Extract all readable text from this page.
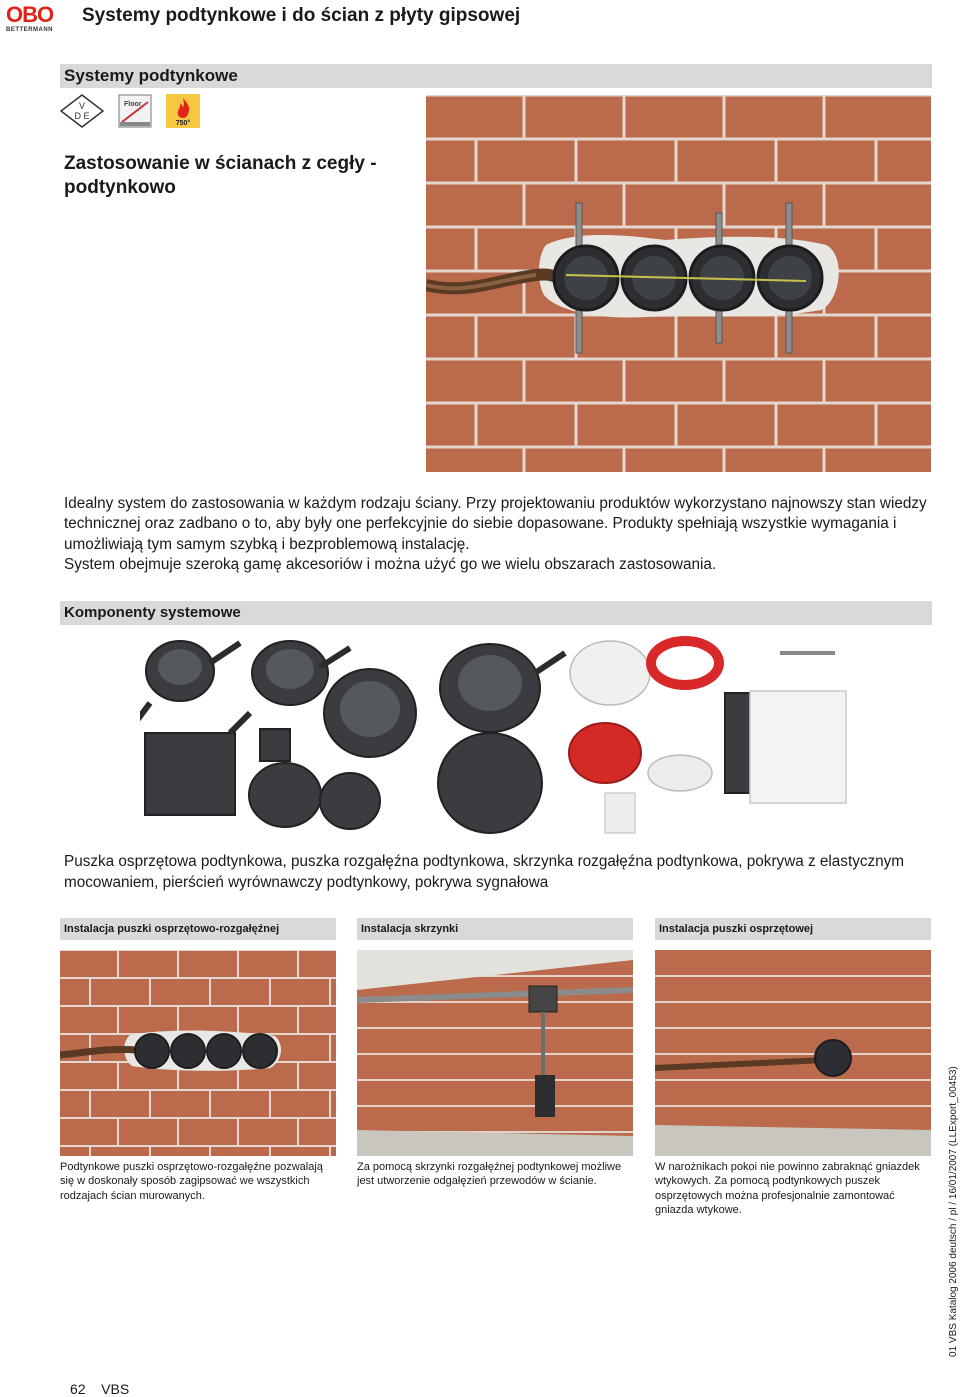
OBO
BETTERMANN
Systemy podtynkowe i do ścian z płyty gipsowej
Systemy podtynkowe
V
D E
Floor
750°
Zastosowanie w ścianach z cegły - podtynkowo

Idealny system do zastosowania w każdym rodzaju ściany. Przy projektowaniu produktów wykorzystano najnowszy stan wiedzy technicznej oraz zadbano o to, aby były one perfekcyjnie do siebie dopasowane. Produkty spełniają wszystkie wymagania i umożliwiają tym samym szybką i bezproblemową instalację.

System obejmuje szeroką gamę akcesoriów i można użyć go we wielu obszarach zastosowania.

Komponenty systemowe
Puszka osprzętowa podtynkowa, puszka rozgałęźna podtynkowa, skrzynka rozgałęźna podtynkowa, pokrywa z elastycznym mocowaniem, pierścień wyrównawczy podtynkowy, pokrywa sygnałowa
Instalacja puszki osprzętowo-rozgałęźnej	Instalacja skrzynki	Instalacja puszki osprzętowej
Podtynkowe puszki osprzętowo-rozgałęźne pozwalają się w doskonały sposób zagipsować we wszystkich rodzajach ścian murowanych.
Za pomocą skrzynki rozgałęźnej podtynkowej możliwe jest utworzenie odgałęzień przewodów w ścianie.
W narożnikach pokoi nie powinno zabraknąć gniazdek wtykowych. Za pomocą podtynkowych puszek osprzętowych można profesjonalnie zamontować gniazda wtykowe.	01 VBS Katalog 2006 deutsch / pl / 16/01/2007 (LLExport_00453)
62 VBS
